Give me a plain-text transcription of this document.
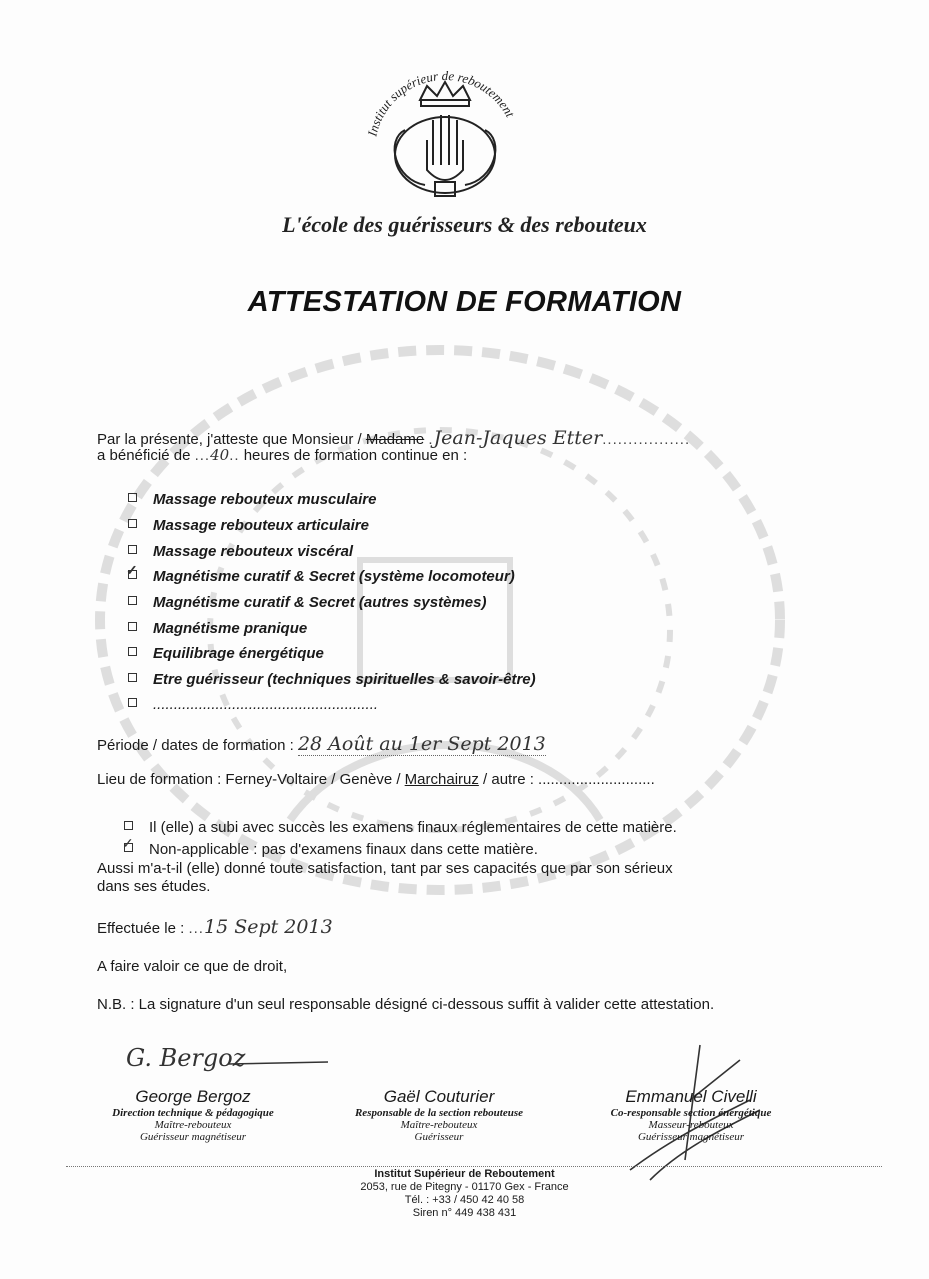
Institut supérieur de reboutement
L'école des guérisseurs & des rebouteux
ATTESTATION DE FORMATION
Par la présente, j'atteste que Monsieur / Madame .Jean-Jaques Etter.................
a bénéficié de ...40.. heures de formation continue en :
Massage rebouteux musculaire
Massage rebouteux articulaire
Massage rebouteux viscéral
✓Magnétisme curatif & Secret (système locomoteur)
Magnétisme curatif & Secret (autres systèmes)
Magnétisme pranique
Equilibrage énergétique
Etre guérisseur (techniques spirituelles & savoir-être)
......................................................
Période / dates de formation : 28 Août au 1er Sept 2013
Lieu de formation : Ferney-Voltaire / Genève / Marchairuz / autre : ............................
Il (elle) a subi avec succès les examens finaux réglementaires de cette matière.
✓Non-applicable : pas d'examens finaux dans cette matière.
Aussi m'a-t-il (elle) donné toute satisfaction, tant par ses capacités que par son sérieux
dans ses études.
Effectuée le : ...15 Sept 2013
A faire valoir ce que de droit,
N.B. : La signature d'un seul responsable désigné ci-dessous suffit à valider cette attestation.
G. Bergoz
George Bergoz
Direction technique & pédagogique
Maître-rebouteux
Guérisseur magnétiseur
Gaël Couturier
Responsable de la section rebouteuse
Maître-rebouteux
Guérisseur
Emmanuel Civelli
Co-responsable section énergétique
Masseur-rebouteux
Guérisseur magnétiseur
Institut Supérieur de Reboutement
2053, rue de Pitegny - 01170 Gex - France
Tél. : +33 / 450 42 40 58
Siren n° 449 438 431
